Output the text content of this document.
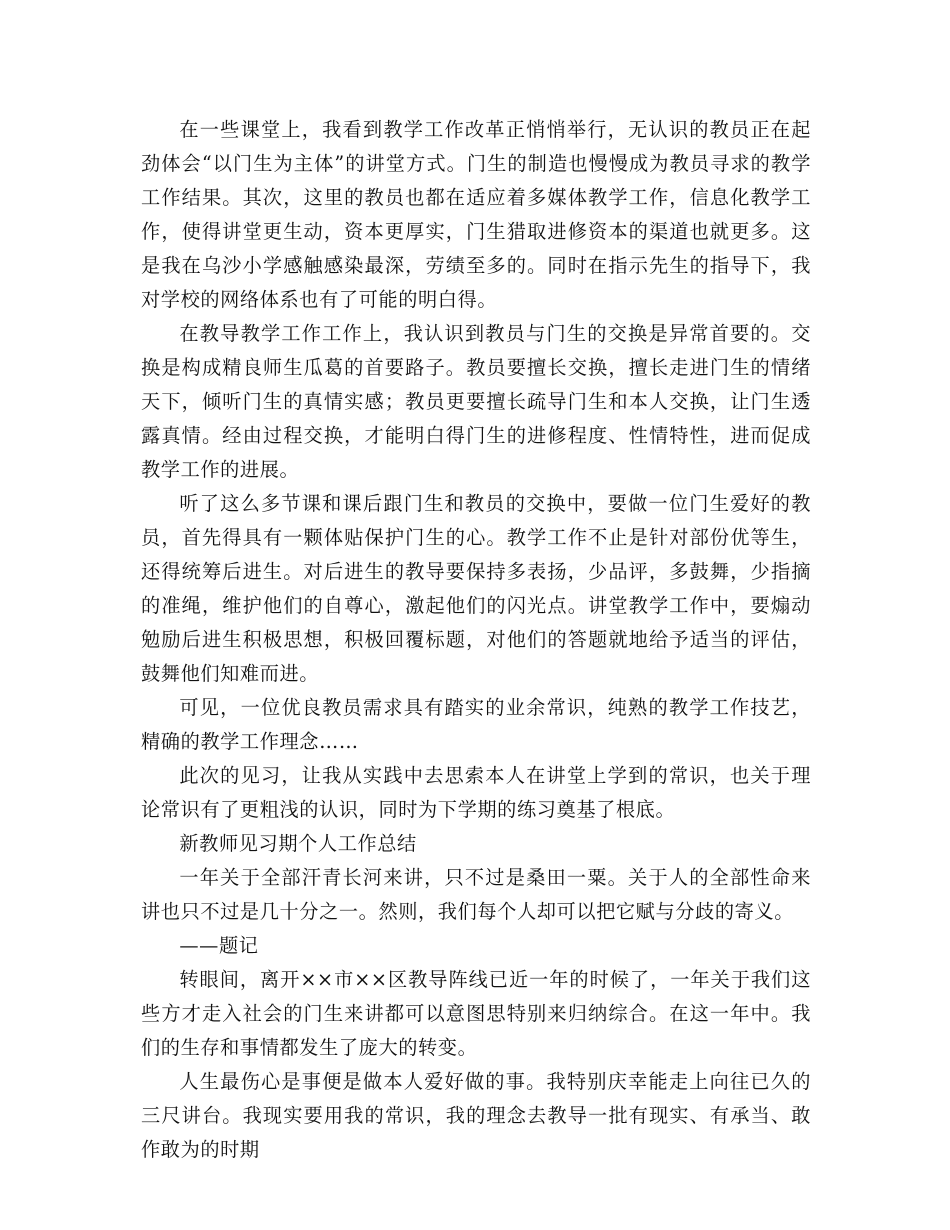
在一些课堂上，我看到教学工作改革正悄悄举行，无认识的教员正在起劲体会“以门生为主体”的讲堂方式。门生的制造也慢慢成为教员寻求的教学工作结果。其次，这里的教员也都在适应着多媒体教学工作，信息化教学工作，使得讲堂更生动，资本更厚实，门生猎取进修资本的渠道也就更多。这是我在乌沙小学感触感染最深，劳绩至多的。同时在指示先生的指导下，我对学校的网络体系也有了可能的明白得。

在教导教学工作工作上，我认识到教员与门生的交换是异常首要的。交换是构成精良师生瓜葛的首要路子。教员要擅长交换，擅长走进门生的情绪天下，倾听门生的真情实感；教员更要擅长疏导门生和本人交换，让门生透露真情。经由过程交换，才能明白得门生的进修程度、性情特性，进而促成教学工作的进展。

听了这么多节课和课后跟门生和教员的交换中，要做一位门生爱好的教员，首先得具有一颗体贴保护门生的心。教学工作不止是针对部份优等生，还得统筹后进生。对后进生的教导要保持多表扬，少品评，多鼓舞，少指摘的准绳，维护他们的自尊心，激起他们的闪光点。讲堂教学工作中，要煽动勉励后进生积极思想，积极回覆标题，对他们的答题就地给予适当的评估，鼓舞他们知难而进。

可见，一位优良教员需求具有踏实的业余常识，纯熟的教学工作技艺，精确的教学工作理念……

此次的见习，让我从实践中去思索本人在讲堂上学到的常识，也关于理论常识有了更粗浅的认识，同时为下学期的练习奠基了根底。

新教师见习期个人工作总结

一年关于全部汗青长河来讲，只不过是桑田一粟。关于人的全部性命来讲也只不过是几十分之一。然则，我们每个人却可以把它赋与分歧的寄义。

——题记

转眼间，离开××市××区教导阵线已近一年的时候了，一年关于我们这些方才走入社会的门生来讲都可以意图思特别来归纳综合。在这一年中。我们的生存和事情都发生了庞大的转变。

人生最伤心是事便是做本人爱好做的事。我特别庆幸能走上向往已久的三尺讲台。我现实要用我的常识，我的理念去教导一批有现实、有承当、敢作敢为的时期
